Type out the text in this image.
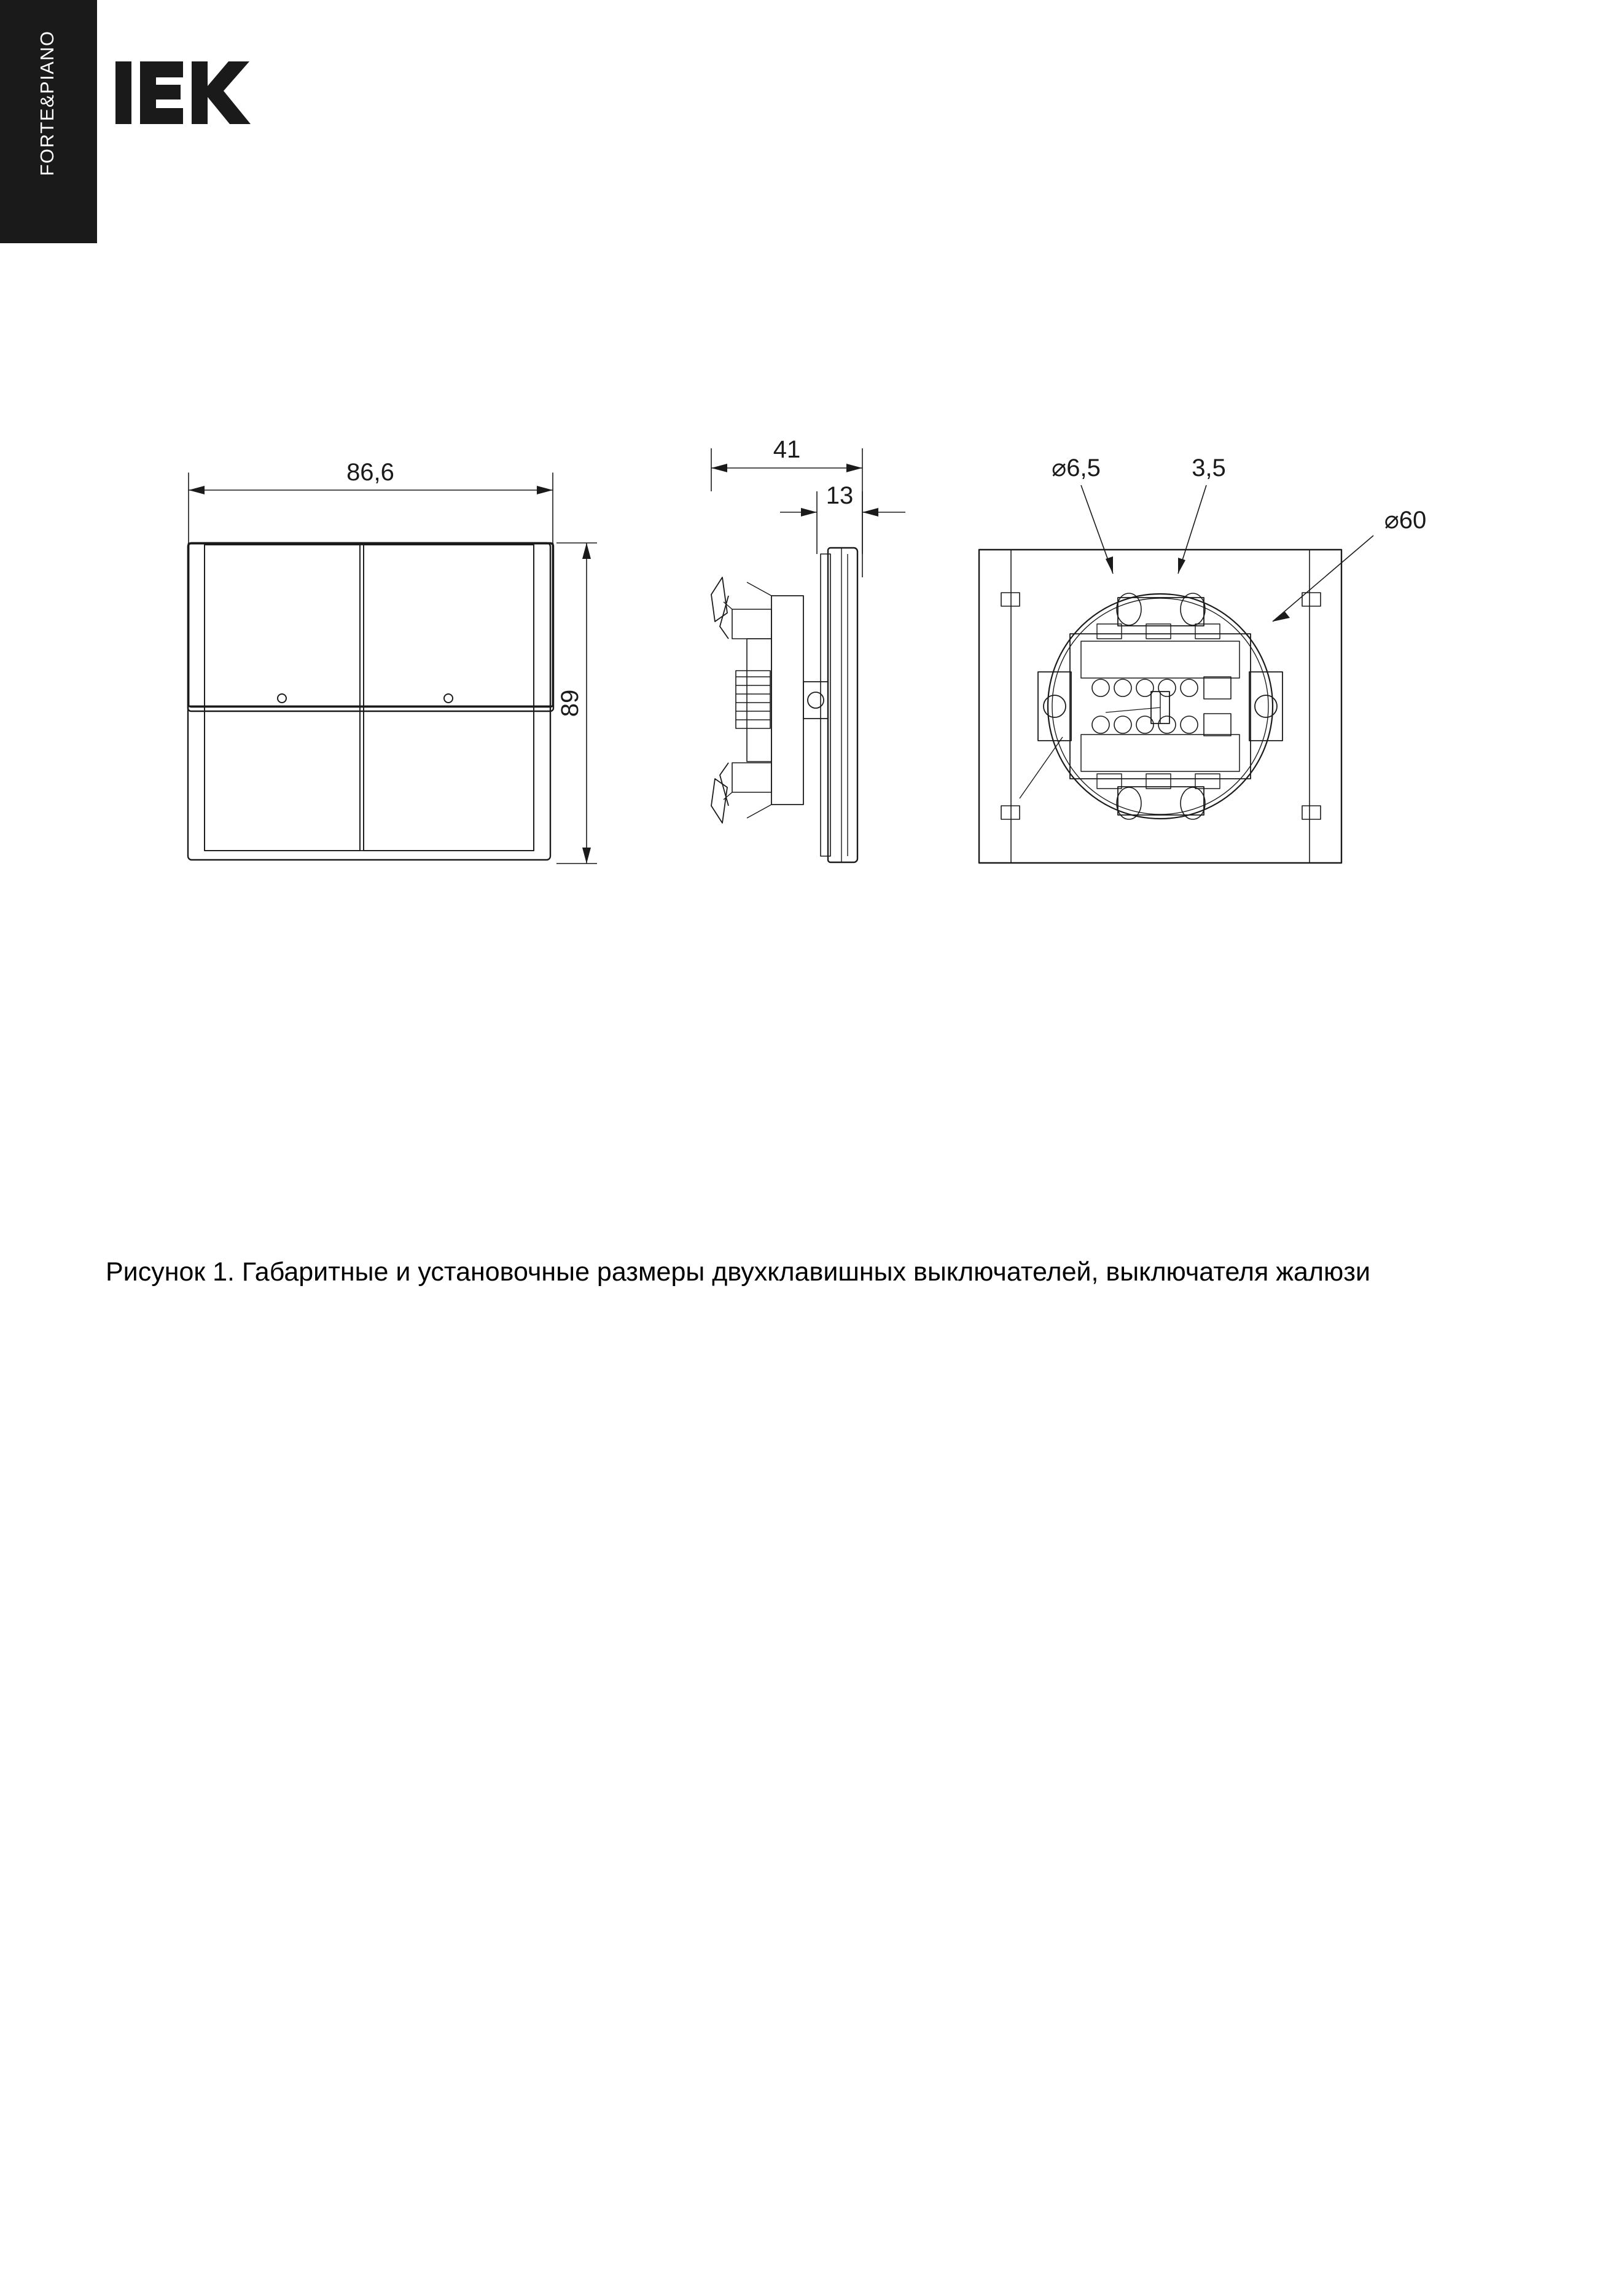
FORTE&PIANO
86,6
89
41
13
⌀6,5	3,5
⌀60
Рисунок 1. Габаритные и установочные размеры двухклавишных выключателей, выключателя жалюзи
